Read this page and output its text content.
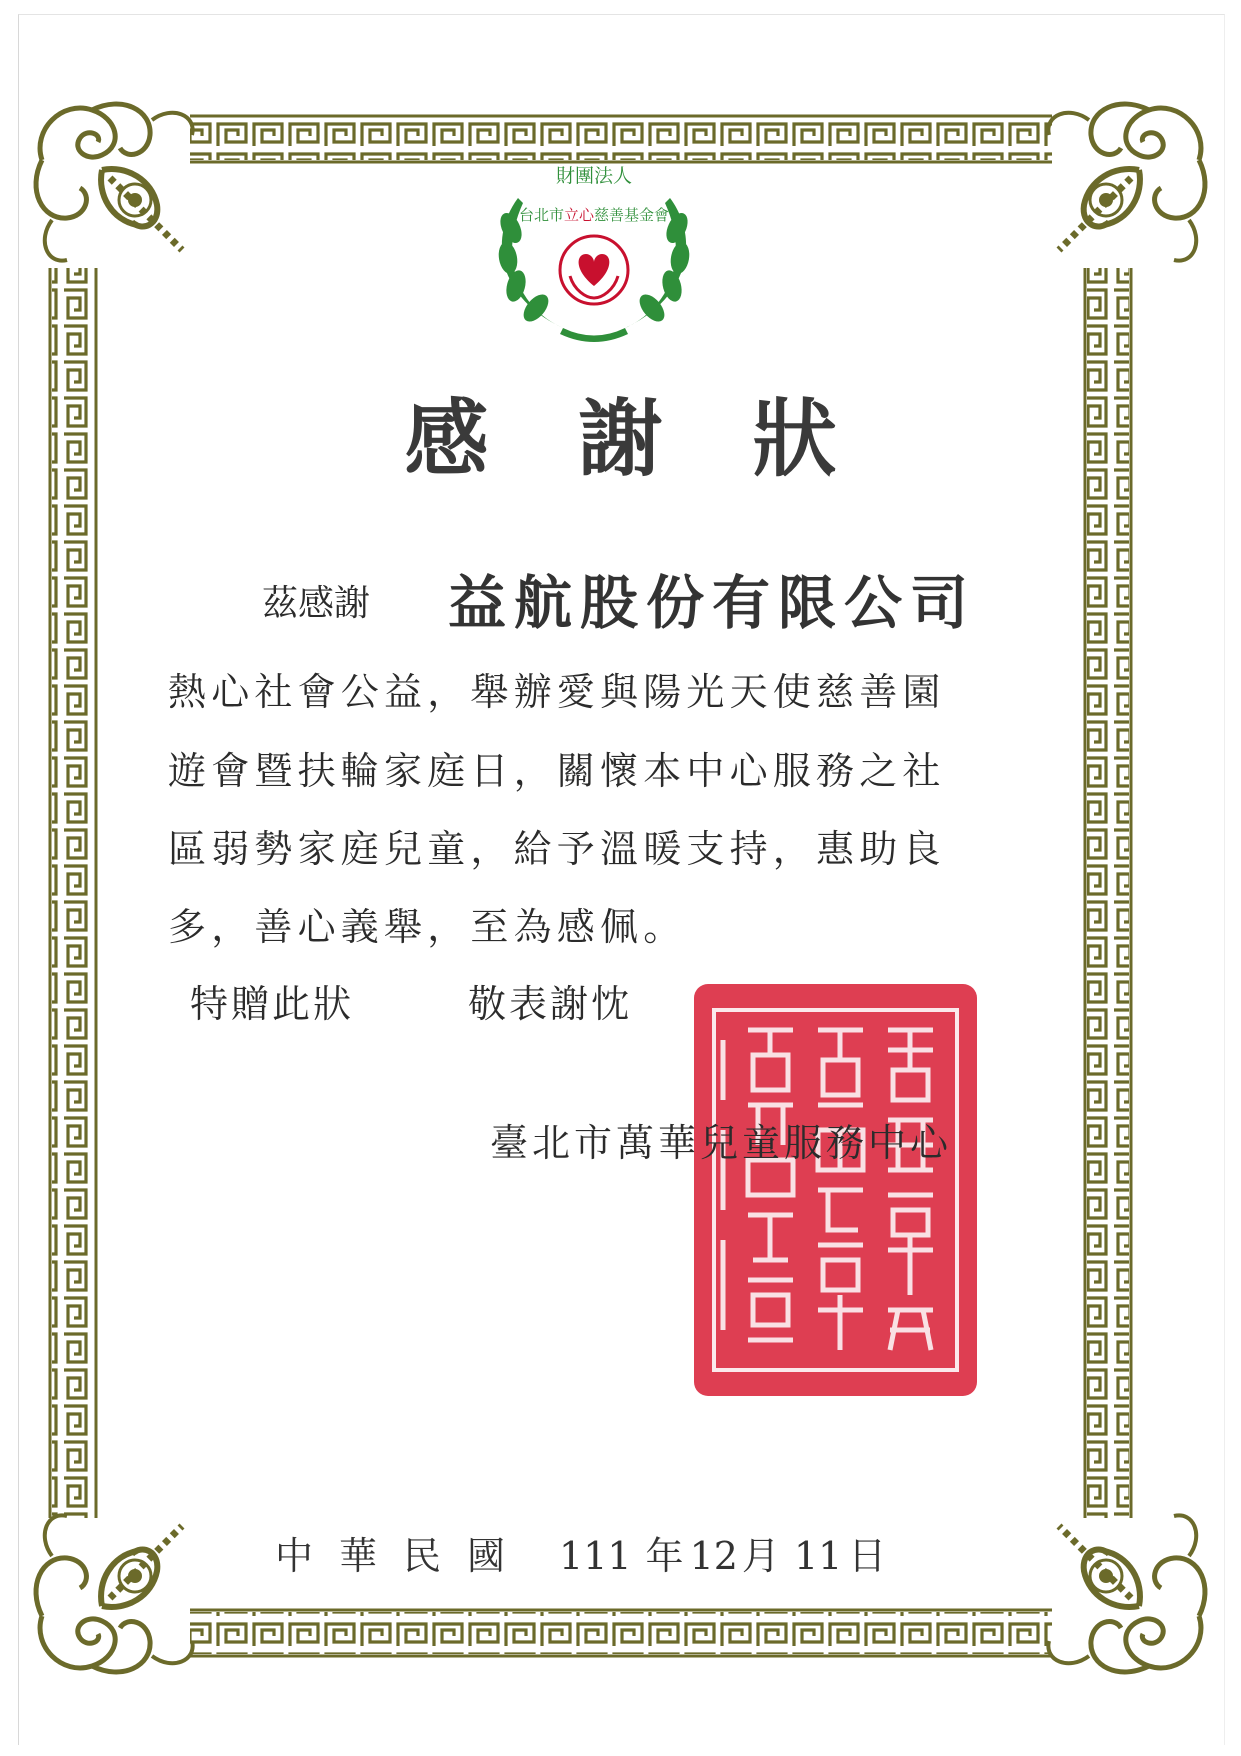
財團法人
台北市立心慈善基金會
感謝狀
茲感謝 益航股份有限公司
熱心社會公益，舉辦愛與陽光天使慈善園
遊會暨扶輪家庭日，關懷本中心服務之社
區弱勢家庭兒童，給予溫暖支持，惠助良
多，善心義舉，至為感佩。
特贈此狀	敬表謝忱
臺北市萬華兒童服務中心
中華民國 111 年 12 月 11 日
